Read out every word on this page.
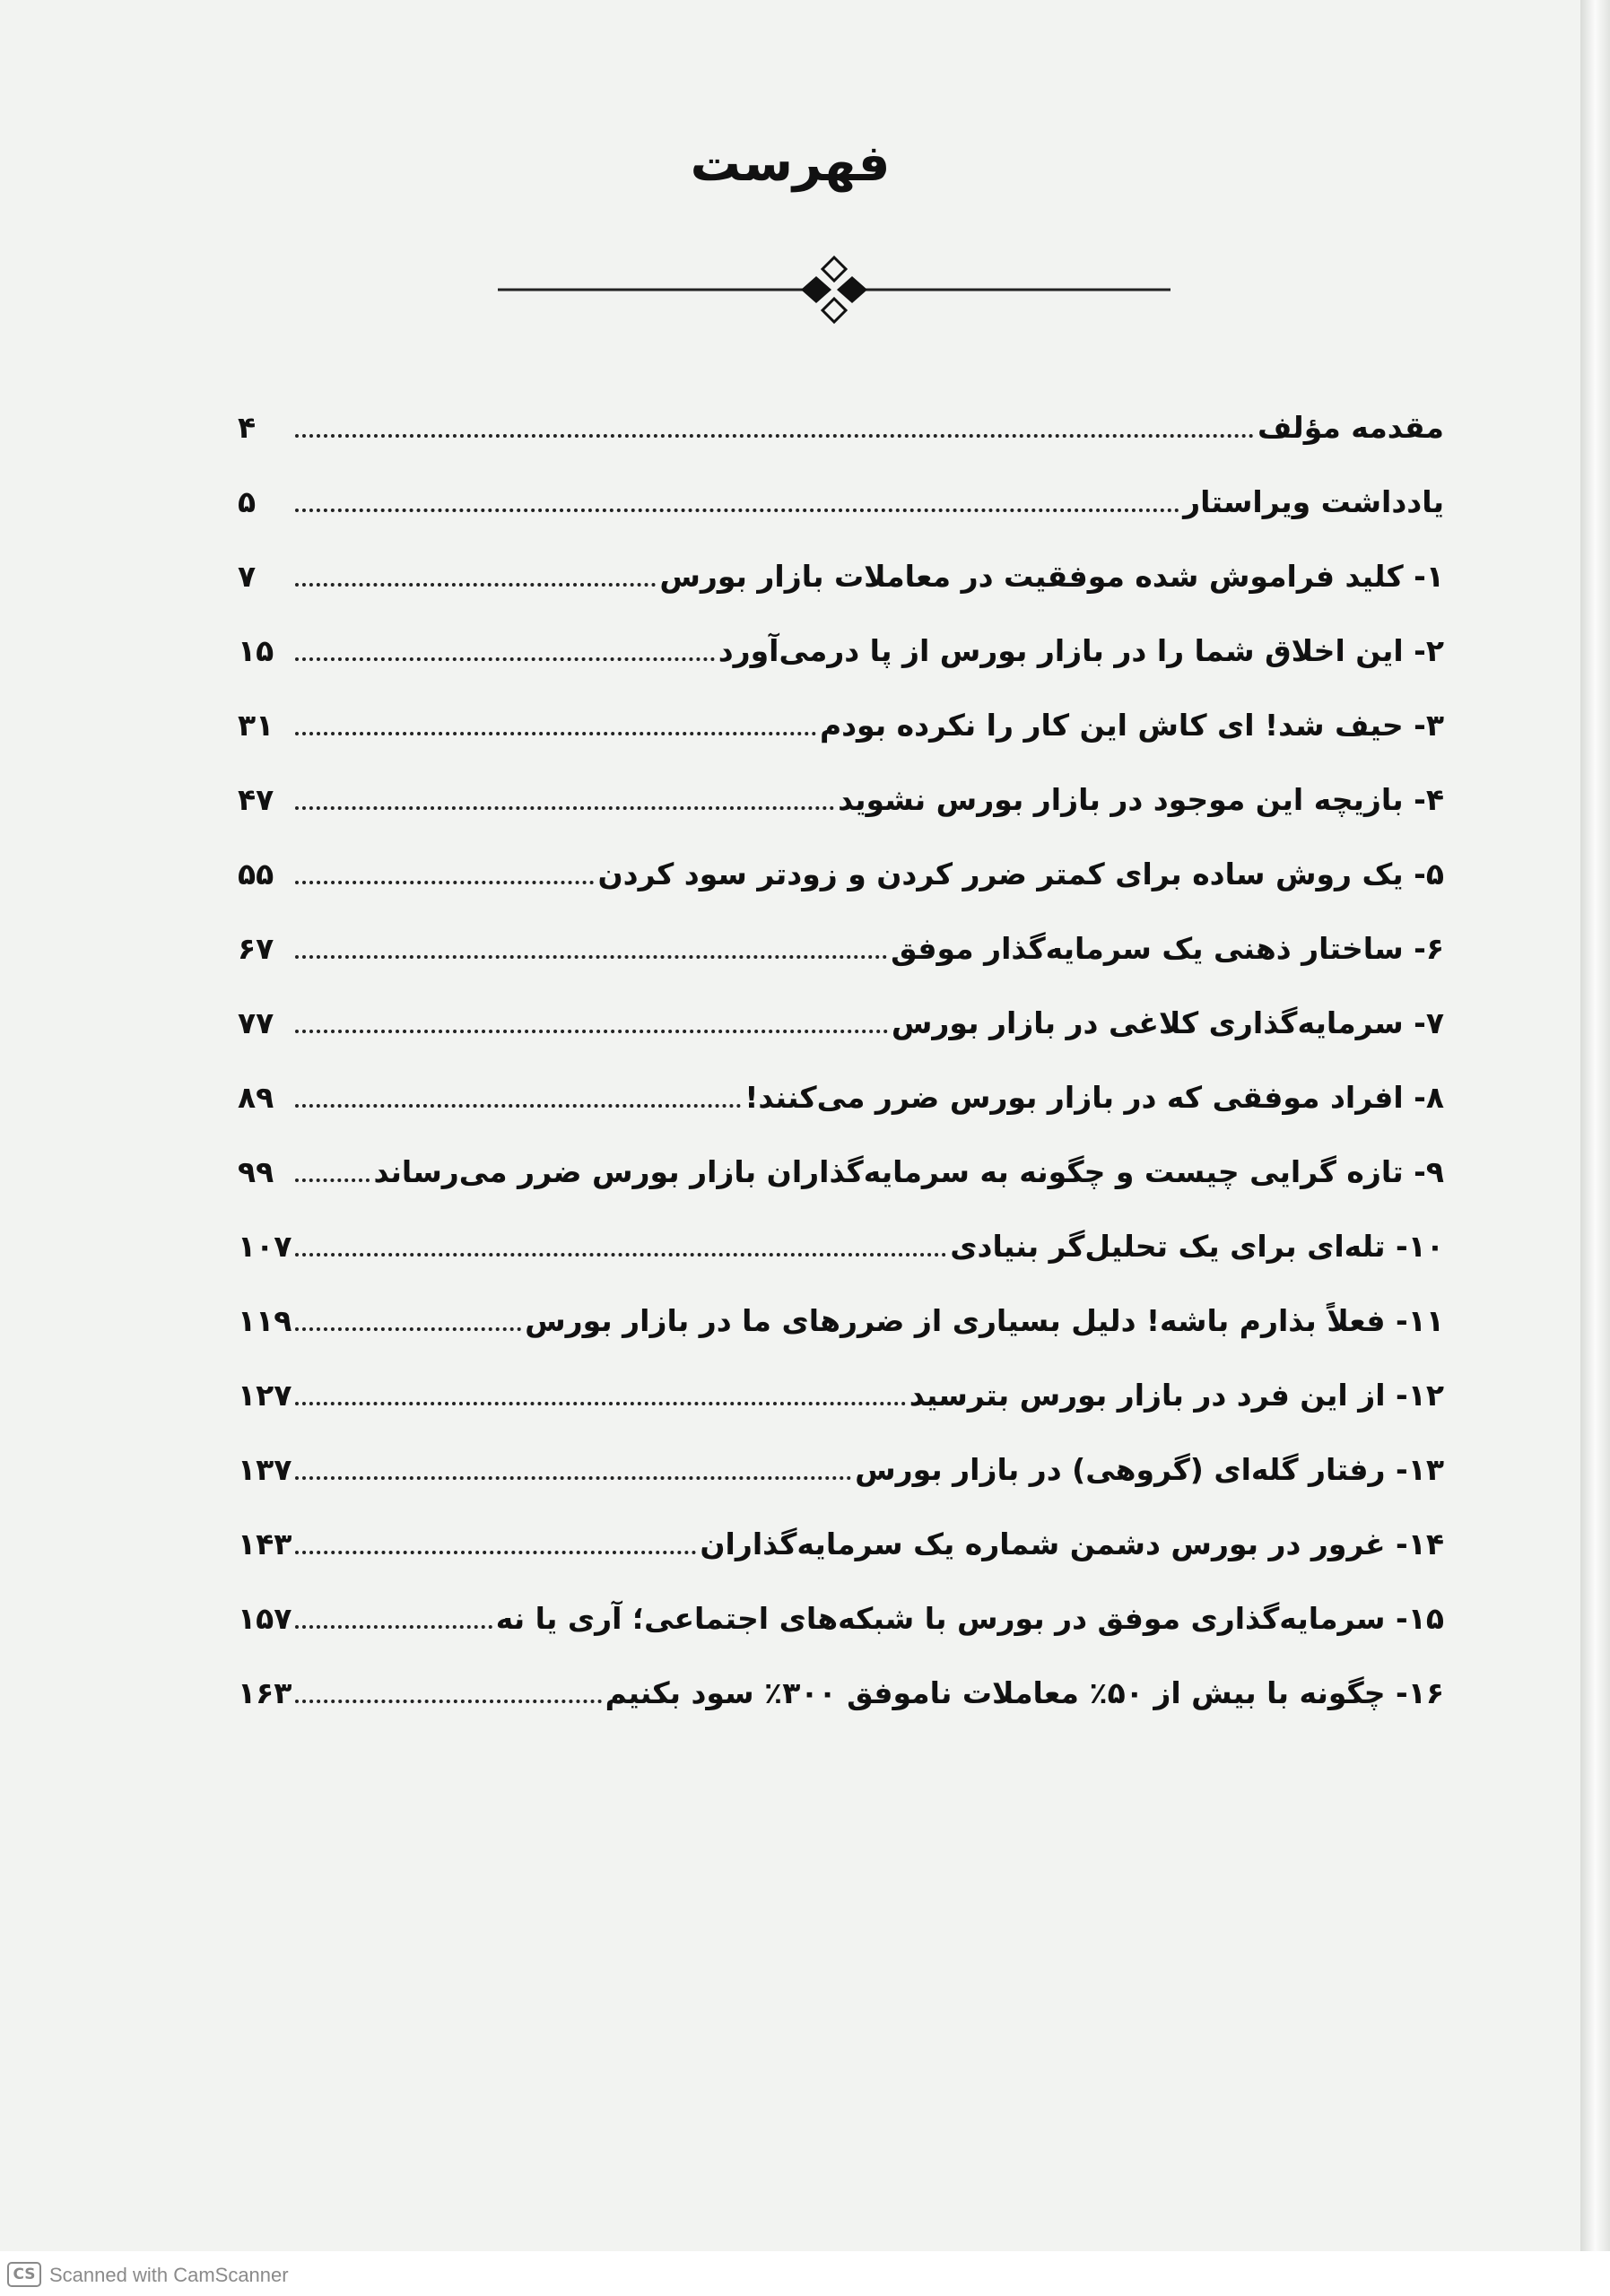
فهرست
مقدمه مؤلف
۴
یادداشت ویراستار
۵
۱- کلید فراموش شده موفقیت در معاملات بازار بورس
۷
۲- این اخلاق شما را در بازار بورس از پا درمی‌آورد
۱۵
۳- حیف شد! ای کاش این کار را نکرده بودم
۳۱
۴- بازیچه این موجود در بازار بورس نشوید
۴۷
۵- یک روش ساده برای کمتر ضرر کردن و زودتر سود کردن
۵۵
۶- ساختار ذهنی یک سرمایه‌گذار موفق
۶۷
۷- سرمایه‌گذاری کلاغی در بازار بورس
۷۷
۸- افراد موفقی که در بازار بورس ضرر می‌کنند!
۸۹
۹- تازه گرایی چیست و چگونه به سرمایه‌گذاران بازار بورس ضرر می‌رساند
۹۹
۱۰- تله‌ای برای یک تحلیل‌گر بنیادی
۱۰۷
۱۱- فعلاً بذارم باشه! دلیل بسیاری از ضررهای ما در بازار بورس
۱۱۹
۱۲- از این فرد در بازار بورس بترسید
۱۲۷
۱۳- رفتار گله‌ای (گروهی) در بازار بورس
۱۳۷
۱۴- غرور در بورس دشمن شماره یک سرمایه‌گذاران
۱۴۳
۱۵- سرمایه‌گذاری موفق در بورس با شبکه‌های اجتماعی؛ آری یا نه
۱۵۷
۱۶- چگونه با بیش از ۵۰٪ معاملات ناموفق ۳۰۰٪ سود بکنیم
۱۶۳
CS Scanned with CamScanner
